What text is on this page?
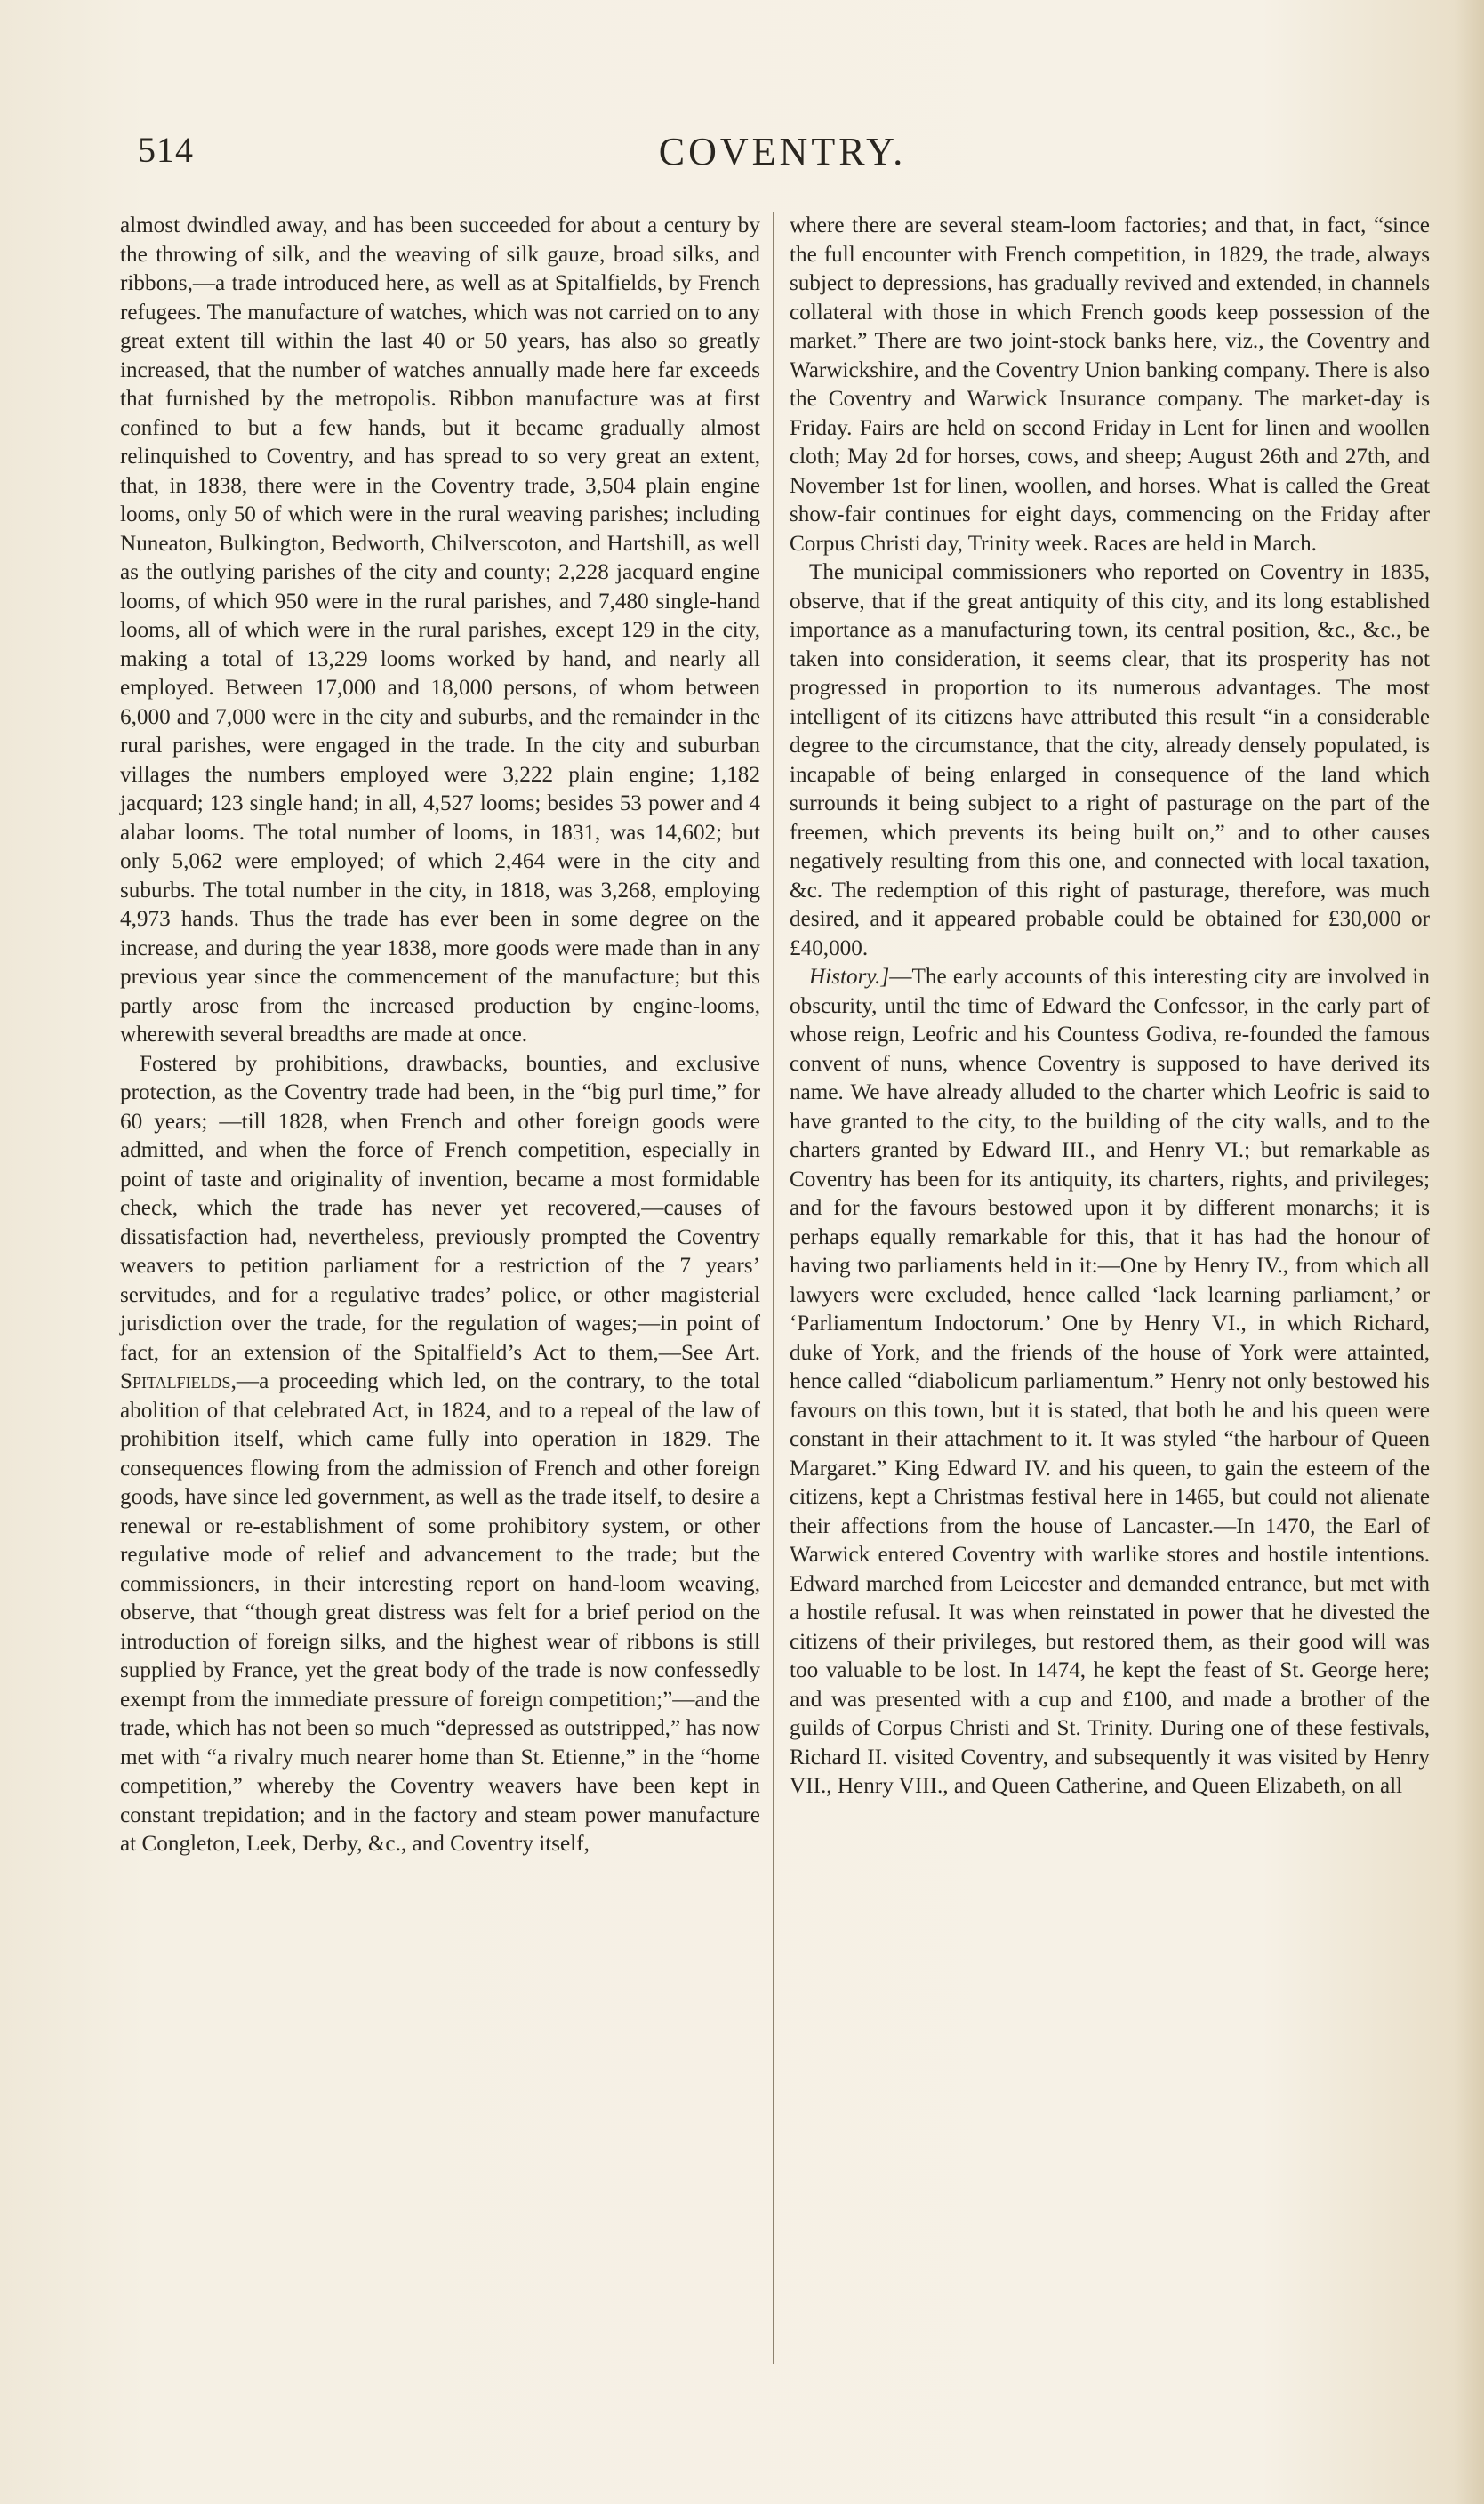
514	COVENTRY.

almost dwindled away, and has been succeeded for about a century by the throwing of silk, and the weaving of silk gauze, broad silks, and ribbons,—a trade introduced here, as well as at Spitalfields, by French refugees. The manufacture of watches, which was not carried on to any great extent till within the last 40 or 50 years, has also so greatly increased, that the number of watches annually made here far exceeds that furnished by the metropolis. Ribbon manufacture was at first confined to but a few hands, but it became gradually almost relinquished to Coventry, and has spread to so very great an extent, that, in 1838, there were in the Coventry trade, 3,504 plain engine looms, only 50 of which were in the rural weaving parishes; including Nuneaton, Bulkington, Bedworth, Chilverscoton, and Hartshill, as well as the outlying parishes of the city and county; 2,228 jacquard engine looms, of which 950 were in the rural parishes, and 7,480 single-hand looms, all of which were in the rural parishes, except 129 in the city, making a total of 13,229 looms worked by hand, and nearly all employed. Between 17,000 and 18,000 persons, of whom between 6,000 and 7,000 were in the city and suburbs, and the remainder in the rural parishes, were engaged in the trade. In the city and suburban villages the numbers employed were 3,222 plain engine; 1,182 jacquard; 123 single hand; in all, 4,527 looms; besides 53 power and 4 alabar looms. The total number of looms, in 1831, was 14,602; but only 5,062 were employed; of which 2,464 were in the city and suburbs. The total number in the city, in 1818, was 3,268, employing 4,973 hands. Thus the trade has ever been in some degree on the increase, and during the year 1838, more goods were made than in any previous year since the commencement of the manufacture; but this partly arose from the increased production by engine-looms, wherewith several breadths are made at once.

Fostered by prohibitions, drawbacks, bounties, and exclusive protection, as the Coventry trade had been, in the “big purl time,” for 60 years; —till 1828, when French and other foreign goods were admitted, and when the force of French competition, especially in point of taste and originality of invention, became a most formidable check, which the trade has never yet recovered,—causes of dissatisfaction had, nevertheless, previously prompted the Coventry weavers to petition parliament for a restriction of the 7 years’ servitudes, and for a regulative trades’ police, or other magisterial jurisdiction over the trade, for the regulation of wages;—in point of fact, for an extension of the Spitalfield’s Act to them,—See Art. Spitalfields,—a proceeding which led, on the contrary, to the total abolition of that celebrated Act, in 1824, and to a repeal of the law of prohibition itself, which came fully into operation in 1829. The consequences flowing from the admission of French and other foreign goods, have since led government, as well as the trade itself, to desire a renewal or re-establishment of some prohibitory system, or other regulative mode of relief and advancement to the trade; but the commissioners, in their interesting report on hand-loom weaving, observe, that “though great distress was felt for a brief period on the introduction of foreign silks, and the highest wear of ribbons is still supplied by France, yet the great body of the trade is now confessedly exempt from the immediate pressure of foreign competition;”—and the trade, which has not been so much “depressed as outstripped,” has now met with “a rivalry much nearer home than St. Etienne,” in the “home competition,” whereby the Coventry weavers have been kept in constant trepidation; and in the factory and steam power manufacture at Congleton, Leek, Derby, &c., and Coventry itself,

where there are several steam-loom factories; and that, in fact, “since the full encounter with French competition, in 1829, the trade, always subject to depressions, has gradually revived and extended, in channels collateral with those in which French goods keep possession of the market.” There are two joint-stock banks here, viz., the Coventry and Warwickshire, and the Coventry Union banking company. There is also the Coventry and Warwick Insurance company. The market-day is Friday. Fairs are held on second Friday in Lent for linen and woollen cloth; May 2d for horses, cows, and sheep; August 26th and 27th, and November 1st for linen, woollen, and horses. What is called the Great show-fair continues for eight days, commencing on the Friday after Corpus Christi day, Trinity week. Races are held in March.

The municipal commissioners who reported on Coventry in 1835, observe, that if the great antiquity of this city, and its long established importance as a manufacturing town, its central position, &c., &c., be taken into consideration, it seems clear, that its prosperity has not progressed in proportion to its numerous advantages. The most intelligent of its citizens have attributed this result “in a considerable degree to the circumstance, that the city, already densely populated, is incapable of being enlarged in consequence of the land which surrounds it being subject to a right of pasturage on the part of the freemen, which prevents its being built on,” and to other causes negatively resulting from this one, and connected with local taxation, &c. The redemption of this right of pasturage, therefore, was much desired, and it appeared probable could be obtained for £30,000 or £40,000.

History.]—The early accounts of this interesting city are involved in obscurity, until the time of Edward the Confessor, in the early part of whose reign, Leofric and his Countess Godiva, re-founded the famous convent of nuns, whence Coventry is supposed to have derived its name. We have already alluded to the charter which Leofric is said to have granted to the city, to the building of the city walls, and to the charters granted by Edward III., and Henry VI.; but remarkable as Coventry has been for its antiquity, its charters, rights, and privileges; and for the favours bestowed upon it by different monarchs; it is perhaps equally remarkable for this, that it has had the honour of having two parliaments held in it:—One by Henry IV., from which all lawyers were excluded, hence called ‘lack learning parliament,’ or ‘Parliamentum Indoctorum.’ One by Henry VI., in which Richard, duke of York, and the friends of the house of York were attainted, hence called “diabolicum parliamentum.” Henry not only bestowed his favours on this town, but it is stated, that both he and his queen were constant in their attachment to it. It was styled “the harbour of Queen Margaret.” King Edward IV. and his queen, to gain the esteem of the citizens, kept a Christmas festival here in 1465, but could not alienate their affections from the house of Lancaster.—In 1470, the Earl of Warwick entered Coventry with warlike stores and hostile intentions. Edward marched from Leicester and demanded entrance, but met with a hostile refusal. It was when reinstated in power that he divested the citizens of their privileges, but restored them, as their good will was too valuable to be lost. In 1474, he kept the feast of St. George here; and was presented with a cup and £100, and made a brother of the guilds of Corpus Christi and St. Trinity. During one of these festivals, Richard II. visited Coventry, and subsequently it was visited by Henry VII., Henry VIII., and Queen Catherine, and Queen Elizabeth, on all
